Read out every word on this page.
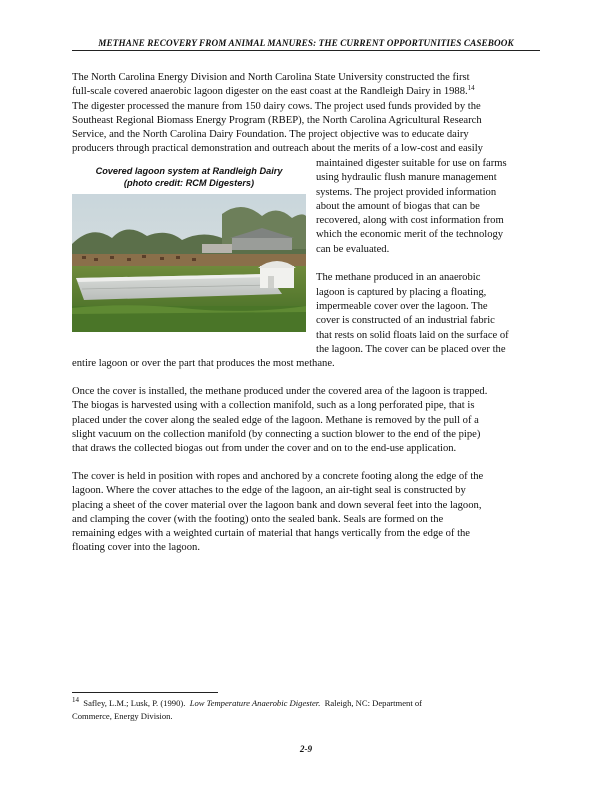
METHANE RECOVERY FROM ANIMAL MANURES: THE CURRENT OPPORTUNITIES CASEBOOK
The North Carolina Energy Division and North Carolina State University constructed the first
full-scale covered anaerobic lagoon digester on the east coast at the Randleigh Dairy in 1988.14
The digester processed the manure from 150 dairy cows. The project used funds provided by the
Southeast Regional Biomass Energy Program (RBEP), the North Carolina Agricultural Research
Service, and the North Carolina Dairy Foundation. The project objective was to educate dairy
producers through practical demonstration and outreach about the merits of a low-cost and easily
maintained digester suitable for use on farms
using hydraulic flush manure management
systems. The project provided information
about the amount of biogas that can be
recovered, along with cost information from
which the economic merit of the technology
can be evaluated.
The methane produced in an anaerobic
lagoon is captured by placing a floating,
impermeable cover over the lagoon. The
cover is constructed of an industrial fabric
that rests on solid floats laid on the surface of
the lagoon. The cover can be placed over the
entire lagoon or over the part that produces the most methane.
Covered lagoon system at Randleigh Dairy
(photo credit: RCM Digesters)
Once the cover is installed, the methane produced under the covered area of the lagoon is trapped.
The biogas is harvested using with a collection manifold, such as a long perforated pipe, that is
placed under the cover along the sealed edge of the lagoon. Methane is removed by the pull of a
slight vacuum on the collection manifold (by connecting a suction blower to the end of the pipe)
that draws the collected biogas out from under the cover and on to the end-use application.
The cover is held in position with ropes and anchored by a concrete footing along the edge of the
lagoon. Where the cover attaches to the edge of the lagoon, an air-tight seal is constructed by
placing a sheet of the cover material over the lagoon bank and down several feet into the lagoon,
and clamping the cover (with the footing) onto the sealed bank. Seals are formed on the
remaining edges with a weighted curtain of material that hangs vertically from the edge of the
floating cover into the lagoon.
$^{14}$ Safley, L.M.; Lusk, P. (1990). Low Temperature Anaerobic Digester. Raleigh, NC: Department of
Commerce, Energy Division.
2-9
